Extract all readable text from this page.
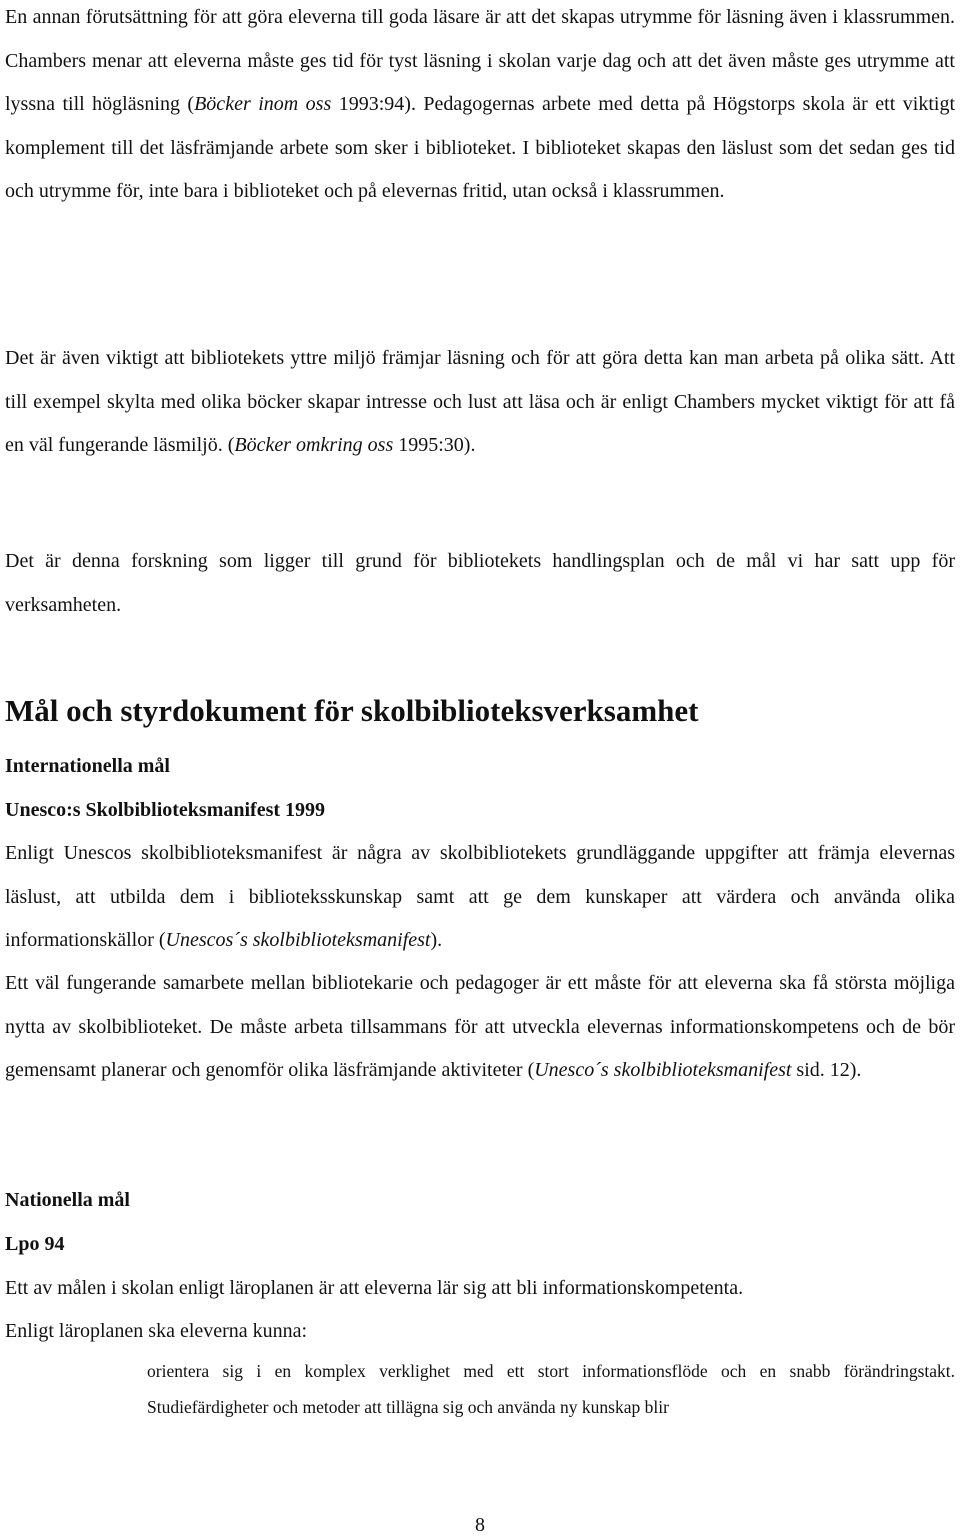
En annan förutsättning för att göra eleverna till goda läsare är att det skapas utrymme för läsning även i klassrummen. Chambers menar att eleverna måste ges tid för tyst läsning i skolan varje dag och att det även måste ges utrymme att lyssna till högläsning (Böcker inom oss 1993:94). Pedagogernas arbete med detta på Högstorps skola är ett viktigt komplement till det läsfrämjande arbete som sker i biblioteket. I biblioteket skapas den läslust som det sedan ges tid och utrymme för, inte bara i biblioteket och på elevernas fritid, utan också i klassrummen.

Det är även viktigt att bibliotekets yttre miljö främjar läsning och för att göra detta kan man arbeta på olika sätt. Att till exempel skylta med olika böcker skapar intresse och lust att läsa och är enligt Chambers mycket viktigt för att få en väl fungerande läsmiljö. (Böcker omkring oss 1995:30).

Det är denna forskning som ligger till grund för bibliotekets handlingsplan och de mål vi har satt upp för verksamheten.

Mål och styrdokument för skolbiblioteksverksamhet
Internationella mål
Unesco:s Skolbiblioteksmanifest 1999

Enligt Unescos skolbiblioteksmanifest är några av skolbibliotekets grundläggande uppgifter att främja elevernas läslust, att utbilda dem i biblioteksskunskap samt att ge dem kunskaper att värdera och använda olika informationskällor (Unescos´s skolbiblioteksmanifest).

Ett väl fungerande samarbete mellan bibliotekarie och pedagoger är ett måste för att eleverna ska få största möjliga nytta av skolbiblioteket. De måste arbeta tillsammans för att utveckla elevernas informationskompetens och de bör gemensamt planerar och genomför olika läsfrämjande aktiviteter (Unesco´s skolbiblioteksmanifest sid. 12).

Nationella mål
Lpo 94

Ett av målen i skolan enligt läroplanen är att eleverna lär sig att bli informationskompetenta.

Enligt läroplanen ska eleverna kunna:

orientera sig i en komplex verklighet med ett stort informationsflöde och en snabb förändringstakt. Studiefärdigheter och metoder att tillägna sig och använda ny kunskap blir

8
